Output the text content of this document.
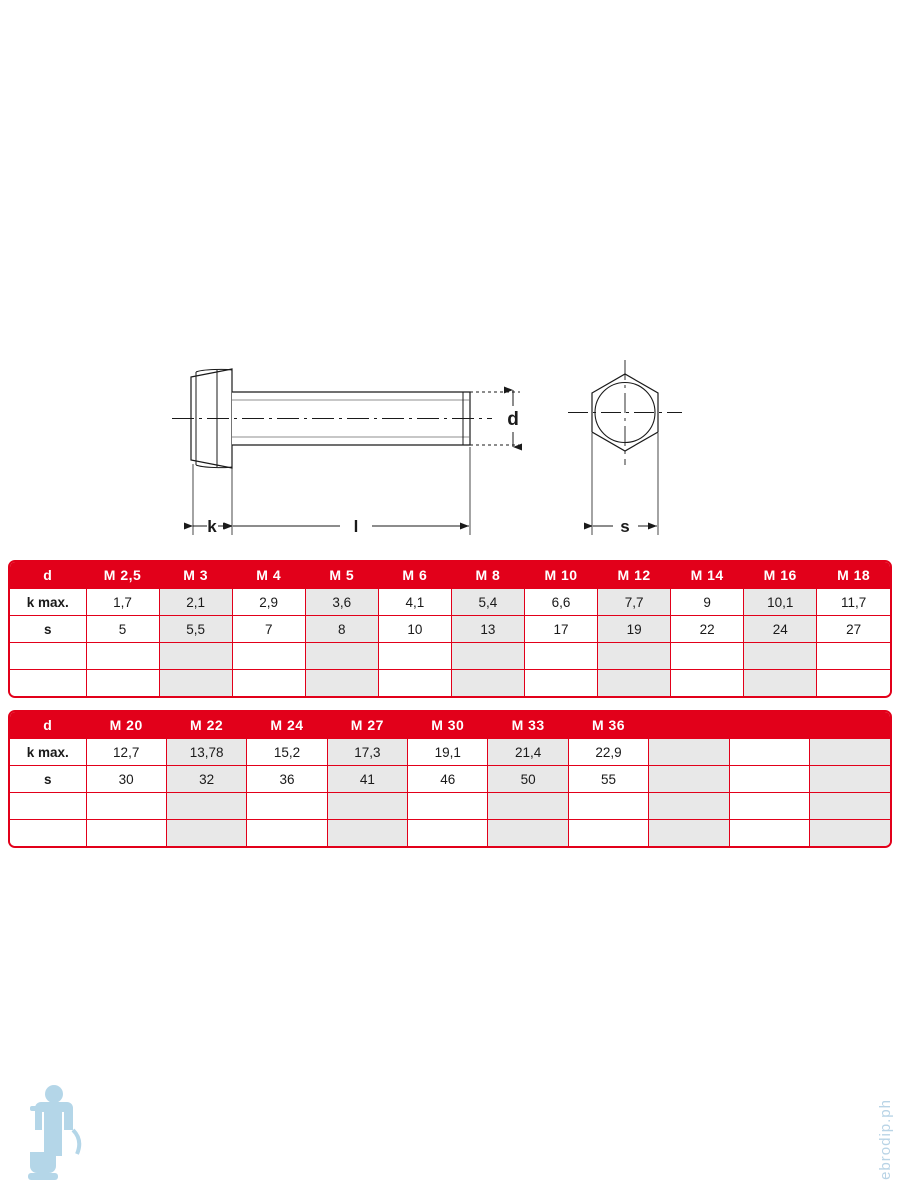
d
k	l	s
d	M 2,5	M 3	M 4	M 5	M 6	M 8	M 10	M 12	M 14	M 16	M 18
k max.	1,7	2,1	2,9	3,6	4,1	5,4	6,6	7,7	9	10,1	11,7
s	5	5,5	7	8	10	13	17	19	22	24	27

d	M 20	M 22	M 24	M 27	M 30	M 33	M 36			
k max.	12,7	13,78	15,2	17,3	19,1	21,4	22,9			
s	30	32	36	41	46	50	55			

ebrodip.ph
